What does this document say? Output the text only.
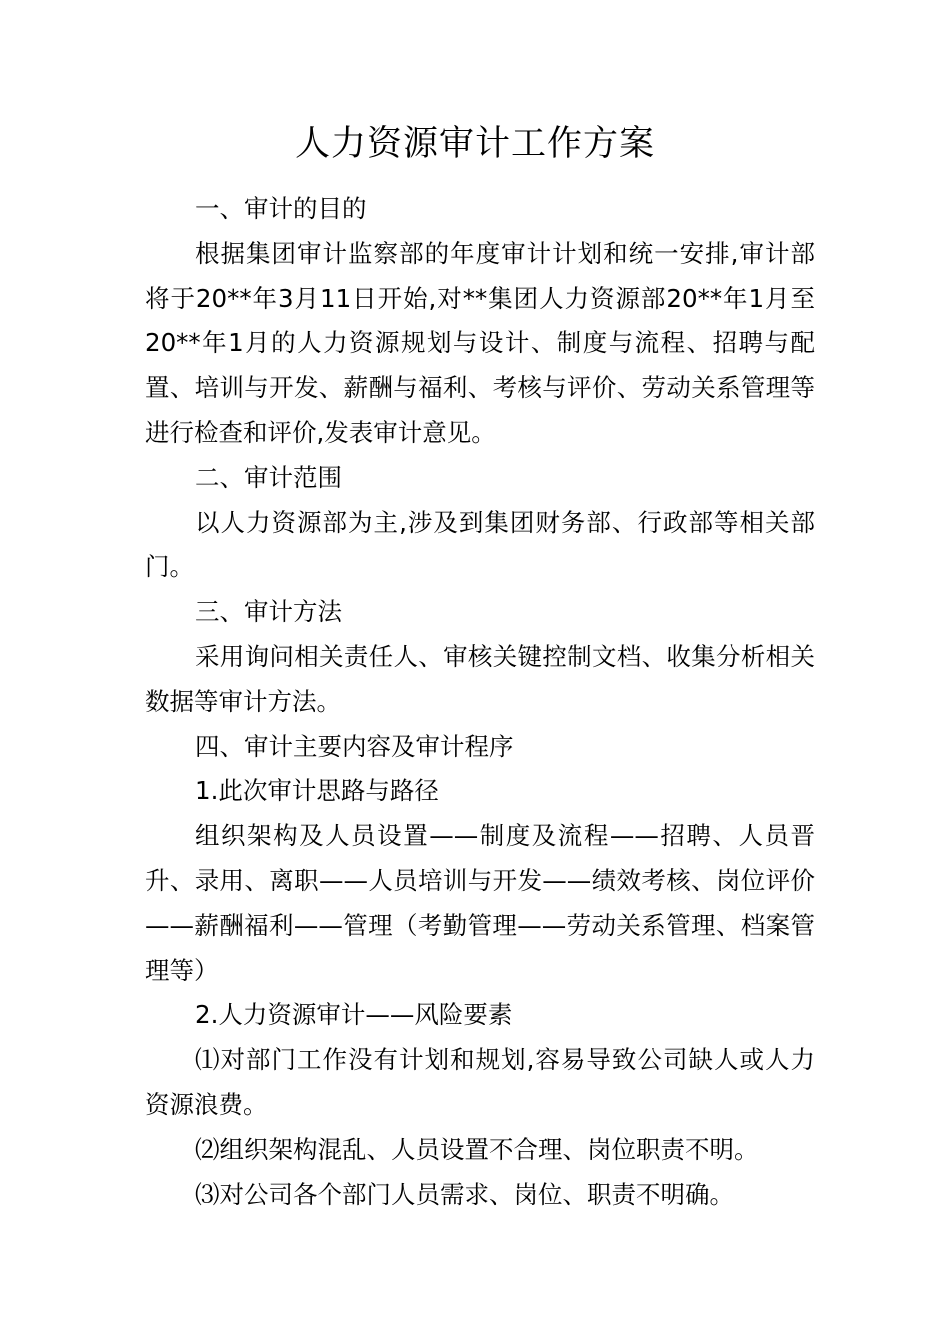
人力资源审计工作方案

一、审计的目的

根据集团审计监察部的年度审计计划和统一安排,审计部将于20**年3月11日开始,对**集团人力资源部20**年1月至20**年1月的人力资源规划与设计、制度与流程、招聘与配置、培训与开发、薪酬与福利、考核与评价、劳动关系管理等进行检查和评价,发表审计意见。

二、审计范围

以人力资源部为主,涉及到集团财务部、行政部等相关部门。

三、审计方法

采用询问相关责任人、审核关键控制文档、收集分析相关数据等审计方法。

四、审计主要内容及审计程序

1.此次审计思路与路径

组织架构及人员设置——制度及流程——招聘、人员晋升、录用、离职——人员培训与开发——绩效考核、岗位评价——薪酬福利——管理（考勤管理——劳动关系管理、档案管理等）

2.人力资源审计——风险要素

⑴对部门工作没有计划和规划,容易导致公司缺人或人力资源浪费。

⑵组织架构混乱、人员设置不合理、岗位职责不明。

⑶对公司各个部门人员需求、岗位、职责不明确。
